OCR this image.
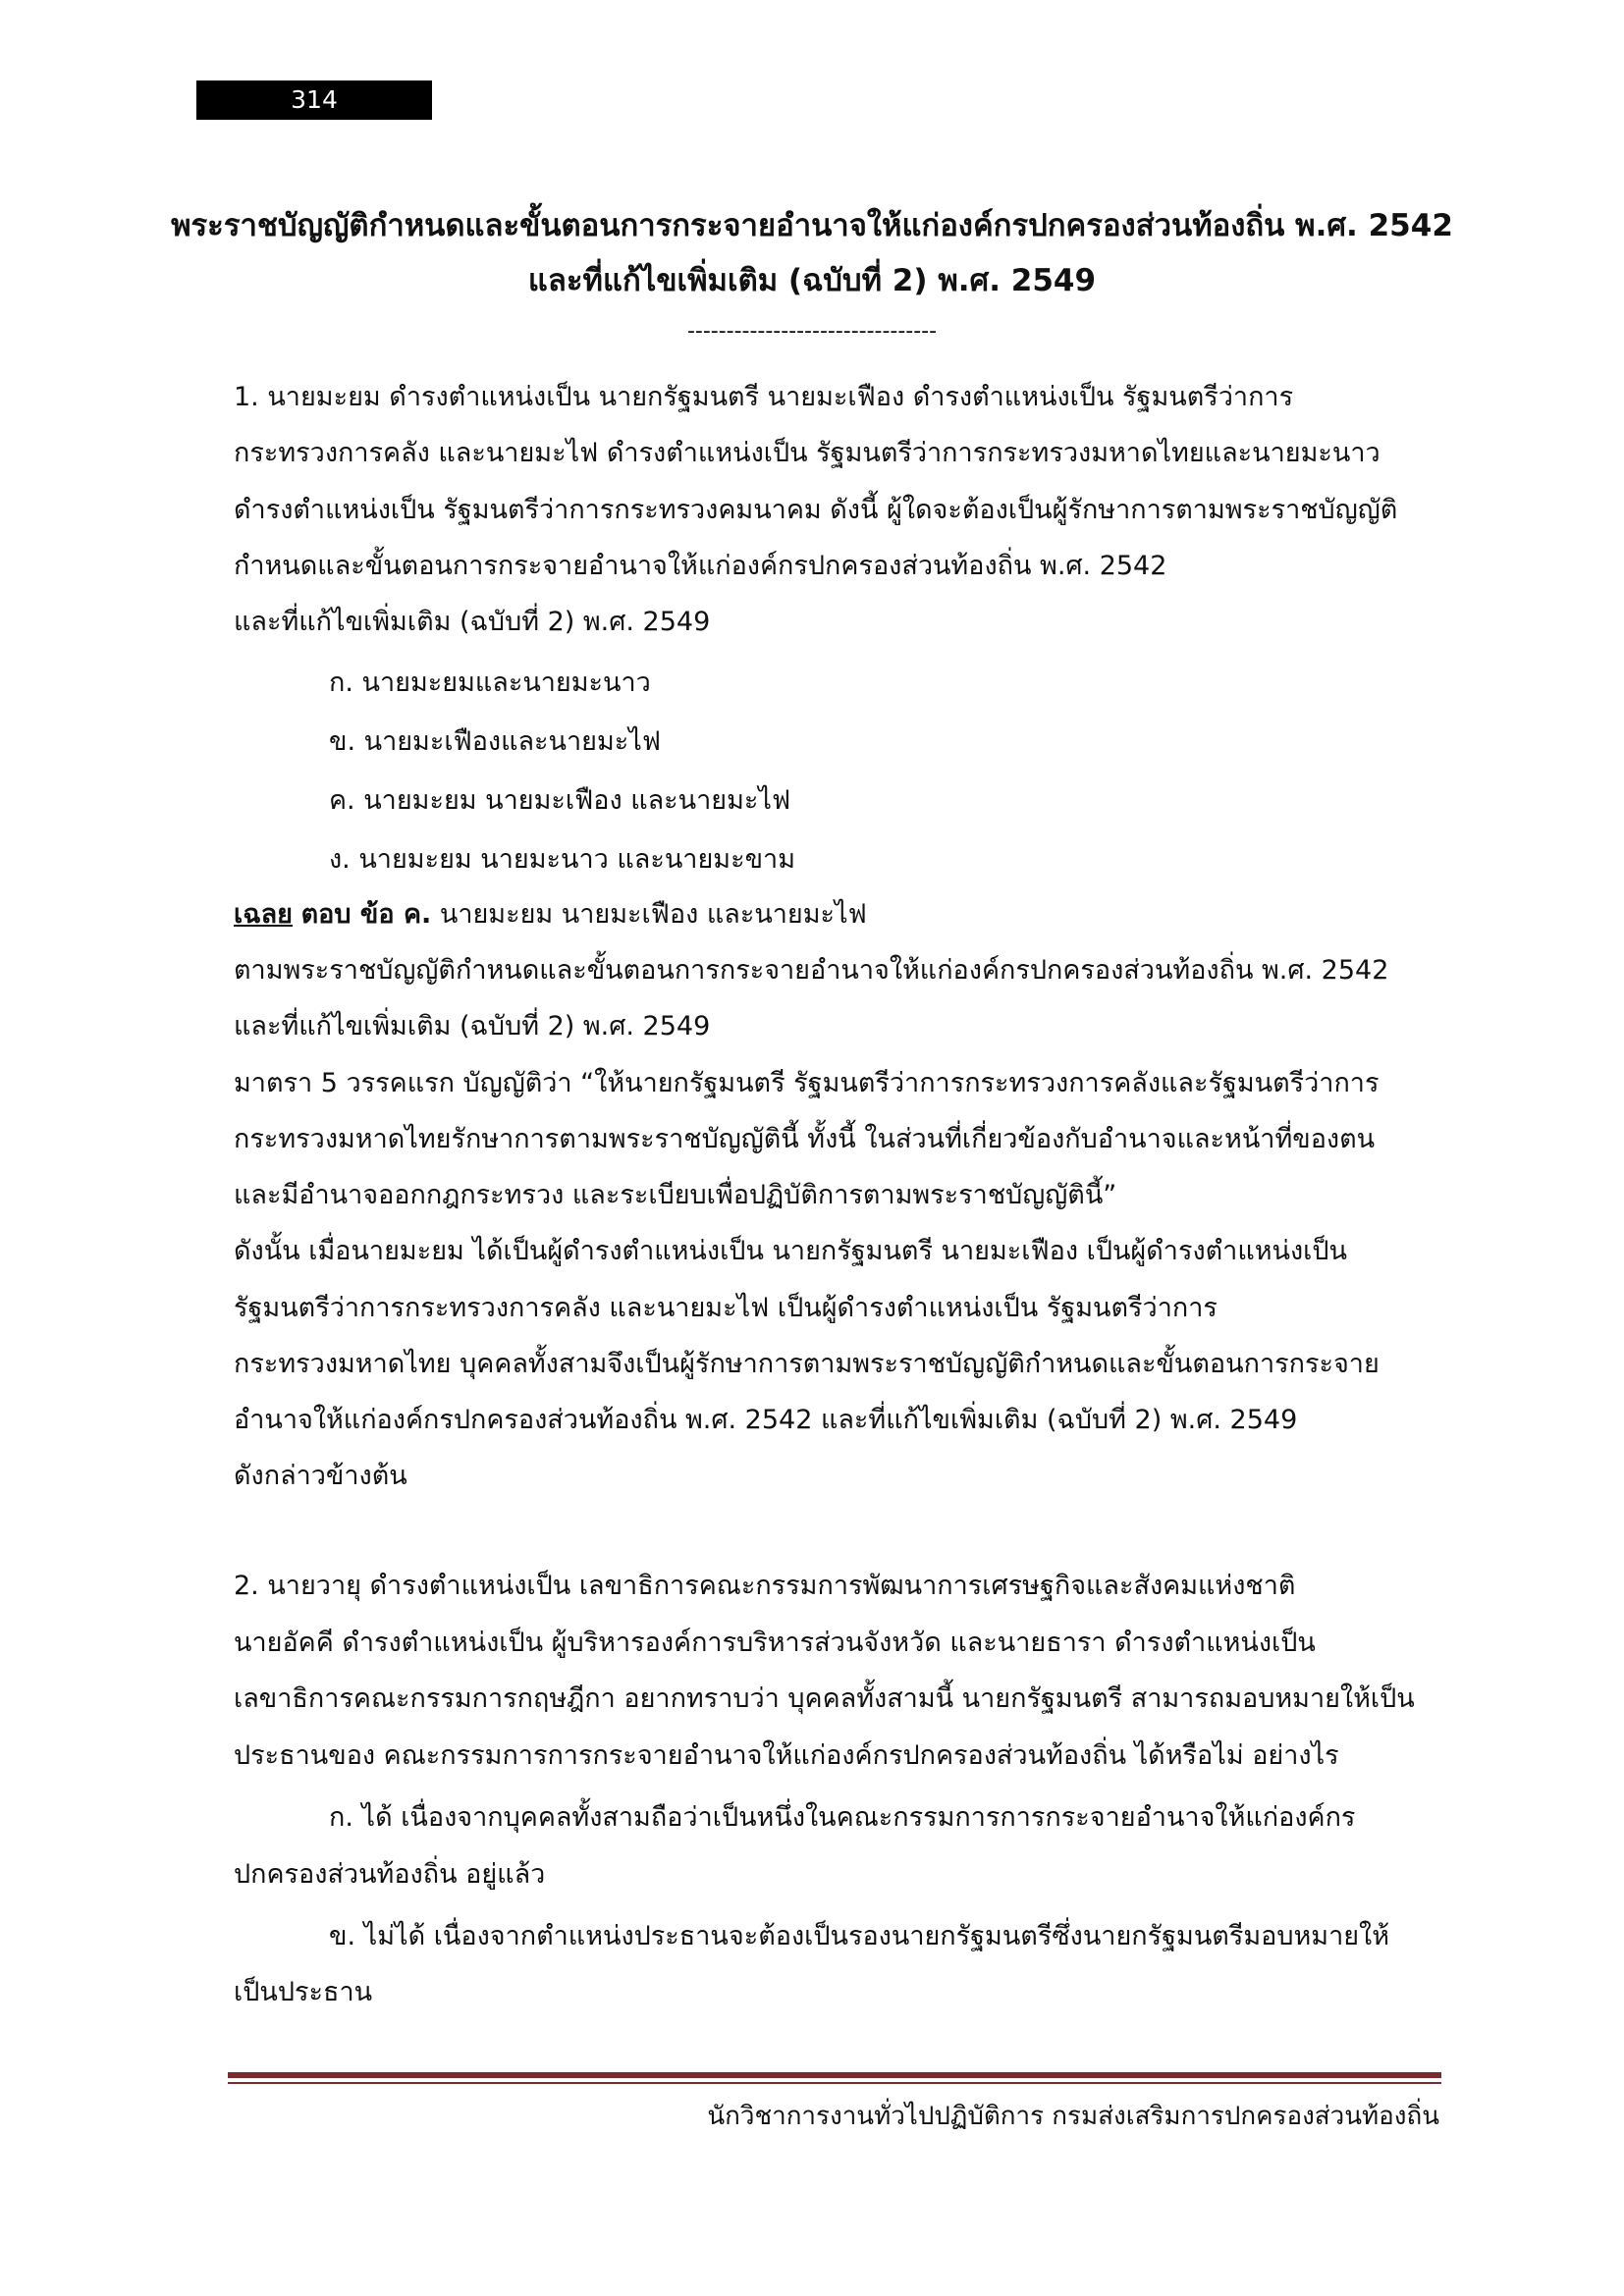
314
พระราชบัญญัติกำหนดและขั้นตอนการกระจายอำนาจให้แก่องค์กรปกครองส่วนท้องถิ่น พ.ศ. 2542
และที่แก้ไขเพิ่มเติม (ฉบับที่ 2) พ.ศ. 2549
--------------------------------
1. นายมะยม ดำรงตำแหน่งเป็น นายกรัฐมนตรี นายมะเฟือง ดำรงตำแหน่งเป็น รัฐมนตรีว่าการ
กระทรวงการคลัง และนายมะไฟ ดำรงตำแหน่งเป็น รัฐมนตรีว่าการกระทรวงมหาดไทยและนายมะนาว
ดำรงตำแหน่งเป็น รัฐมนตรีว่าการกระทรวงคมนาคม ดังนี้ ผู้ใดจะต้องเป็นผู้รักษาการตามพระราชบัญญัติ
กำหนดและขั้นตอนการกระจายอำนาจให้แก่องค์กรปกครองส่วนท้องถิ่น พ.ศ. 2542
และที่แก้ไขเพิ่มเติม (ฉบับที่ 2) พ.ศ. 2549
ก. นายมะยมและนายมะนาว
ข. นายมะเฟืองและนายมะไฟ
ค. นายมะยม นายมะเฟือง และนายมะไฟ
ง. นายมะยม นายมะนาว และนายมะขาม
เฉลย ตอบ ข้อ ค. นายมะยม นายมะเฟือง และนายมะไฟ
ตามพระราชบัญญัติกำหนดและขั้นตอนการกระจายอำนาจให้แก่องค์กรปกครองส่วนท้องถิ่น พ.ศ. 2542
และที่แก้ไขเพิ่มเติม (ฉบับที่ 2) พ.ศ. 2549
มาตรา 5 วรรคแรก บัญญัติว่า “ให้นายกรัฐมนตรี รัฐมนตรีว่าการกระทรวงการคลังและรัฐมนตรีว่าการ
กระทรวงมหาดไทยรักษาการตามพระราชบัญญัตินี้ ทั้งนี้ ในส่วนที่เกี่ยวข้องกับอำนาจและหน้าที่ของตน
และมีอำนาจออกกฎกระทรวง และระเบียบเพื่อปฏิบัติการตามพระราชบัญญัตินี้”
ดังนั้น เมื่อนายมะยม ได้เป็นผู้ดำรงตำแหน่งเป็น นายกรัฐมนตรี นายมะเฟือง เป็นผู้ดำรงตำแหน่งเป็น
รัฐมนตรีว่าการกระทรวงการคลัง และนายมะไฟ เป็นผู้ดำรงตำแหน่งเป็น รัฐมนตรีว่าการ
กระทรวงมหาดไทย บุคคลทั้งสามจึงเป็นผู้รักษาการตามพระราชบัญญัติกำหนดและขั้นตอนการกระจาย
อำนาจให้แก่องค์กรปกครองส่วนท้องถิ่น พ.ศ. 2542 และที่แก้ไขเพิ่มเติม (ฉบับที่ 2) พ.ศ. 2549
ดังกล่าวข้างต้น
2. นายวายุ ดำรงตำแหน่งเป็น เลขาธิการคณะกรรมการพัฒนาการเศรษฐกิจและสังคมแห่งชาติ
นายอัคคี ดำรงตำแหน่งเป็น ผู้บริหารองค์การบริหารส่วนจังหวัด และนายธารา ดำรงตำแหน่งเป็น
เลขาธิการคณะกรรมการกฤษฎีกา อยากทราบว่า บุคคลทั้งสามนี้ นายกรัฐมนตรี สามารถมอบหมายให้เป็น
ประธานของ คณะกรรมการการกระจายอำนาจให้แก่องค์กรปกครองส่วนท้องถิ่น ได้หรือไม่ อย่างไร
ก. ได้ เนื่องจากบุคคลทั้งสามถือว่าเป็นหนึ่งในคณะกรรมการการกระจายอำนาจให้แก่องค์กร
ปกครองส่วนท้องถิ่น อยู่แล้ว
ข. ไม่ได้ เนื่องจากตำแหน่งประธานจะต้องเป็นรองนายกรัฐมนตรีซึ่งนายกรัฐมนตรีมอบหมายให้
เป็นประธาน
นักวิชาการงานทั่วไปปฏิบัติการ กรมส่งเสริมการปกครองส่วนท้องถิ่น
